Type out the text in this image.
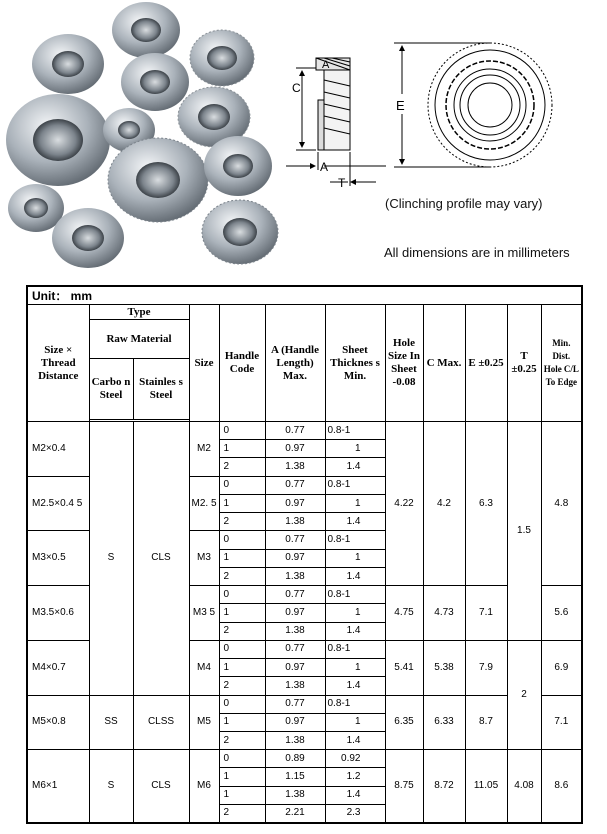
C
A
A
T
E
(Clinching profile may vary)
All dimensions are in millimeters
Unit： mm											
Size × Thread Distance	Type		Size	Handle Code	A (Handle Length) Max.	Sheet Thicknes s Min.	Hole Size In Sheet -0.08	C Max.	E ±0.25	T ±0.25	Min. Dist. Hole C/L To Edge
	Raw Material										
	Carbo n Steel	Stainles s Steel									

M2×0.4	S	CLS	M2	0	0.77	0.8-1	4.22	4.2	6.3	1.5	4.8
				1	0.97	1					
				2	1.38	1.4					
M2.5×0.4 5			M2. 5	0	0.77	0.8-1					
				1	0.97	1					
				2	1.38	1.4					
M3×0.5			M3	0	0.77	0.8-1					
				1	0.97	1					
				2	1.38	1.4					
M3.5×0.6			M3 5	0	0.77	0.8-1	4.75	4.73	7.1		5.6
				1	0.97	1					
				2	1.38	1.4					
M4×0.7			M4	0	0.77	0.8-1	5.41	5.38	7.9	2	6.9
				1	0.97	1					
				2	1.38	1.4					
M5×0.8	SS	CLSS	M5	0	0.77	0.8-1	6.35	6.33	8.7		7.1
				1	0.97	1					
				2	1.38	1.4					
M6×1	S	CLS	M6	0	0.89	0.92	8.75	8.72	11.05	4.08	8.6
				1	1.15	1.2					
				1	1.38	1.4					
				2	2.21	2.3					
